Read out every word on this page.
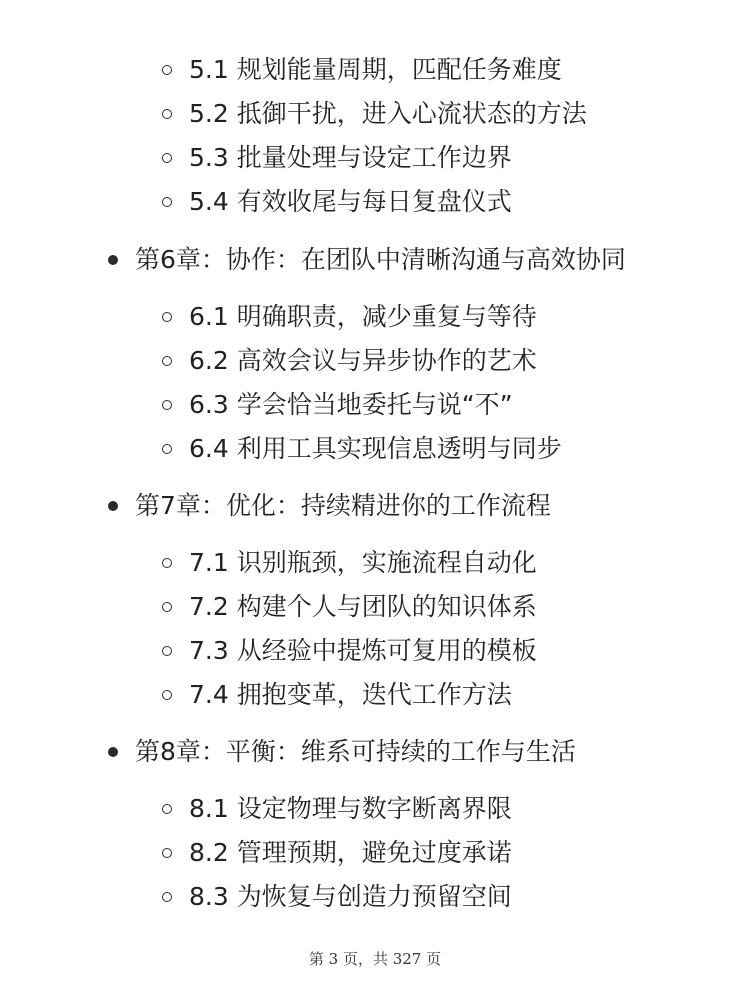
5.1 规划能量周期，匹配任务难度
5.2 抵御干扰，进入心流状态的方法
5.3 批量处理与设定工作边界
5.4 有效收尾与每日复盘仪式
第6章：协作：在团队中清晰沟通与高效协同
6.1 明确职责，减少重复与等待
6.2 高效会议与异步协作的艺术
6.3 学会恰当地委托与说“不”
6.4 利用工具实现信息透明与同步
第7章：优化：持续精进你的工作流程
7.1 识别瓶颈，实施流程自动化
7.2 构建个人与团队的知识体系
7.3 从经验中提炼可复用的模板
7.4 拥抱变革，迭代工作方法
第8章：平衡：维系可持续的工作与生活
8.1 设定物理与数字断离界限
8.2 管理预期，避免过度承诺
8.3 为恢复与创造力预留空间
第 3 页，共 327 页
